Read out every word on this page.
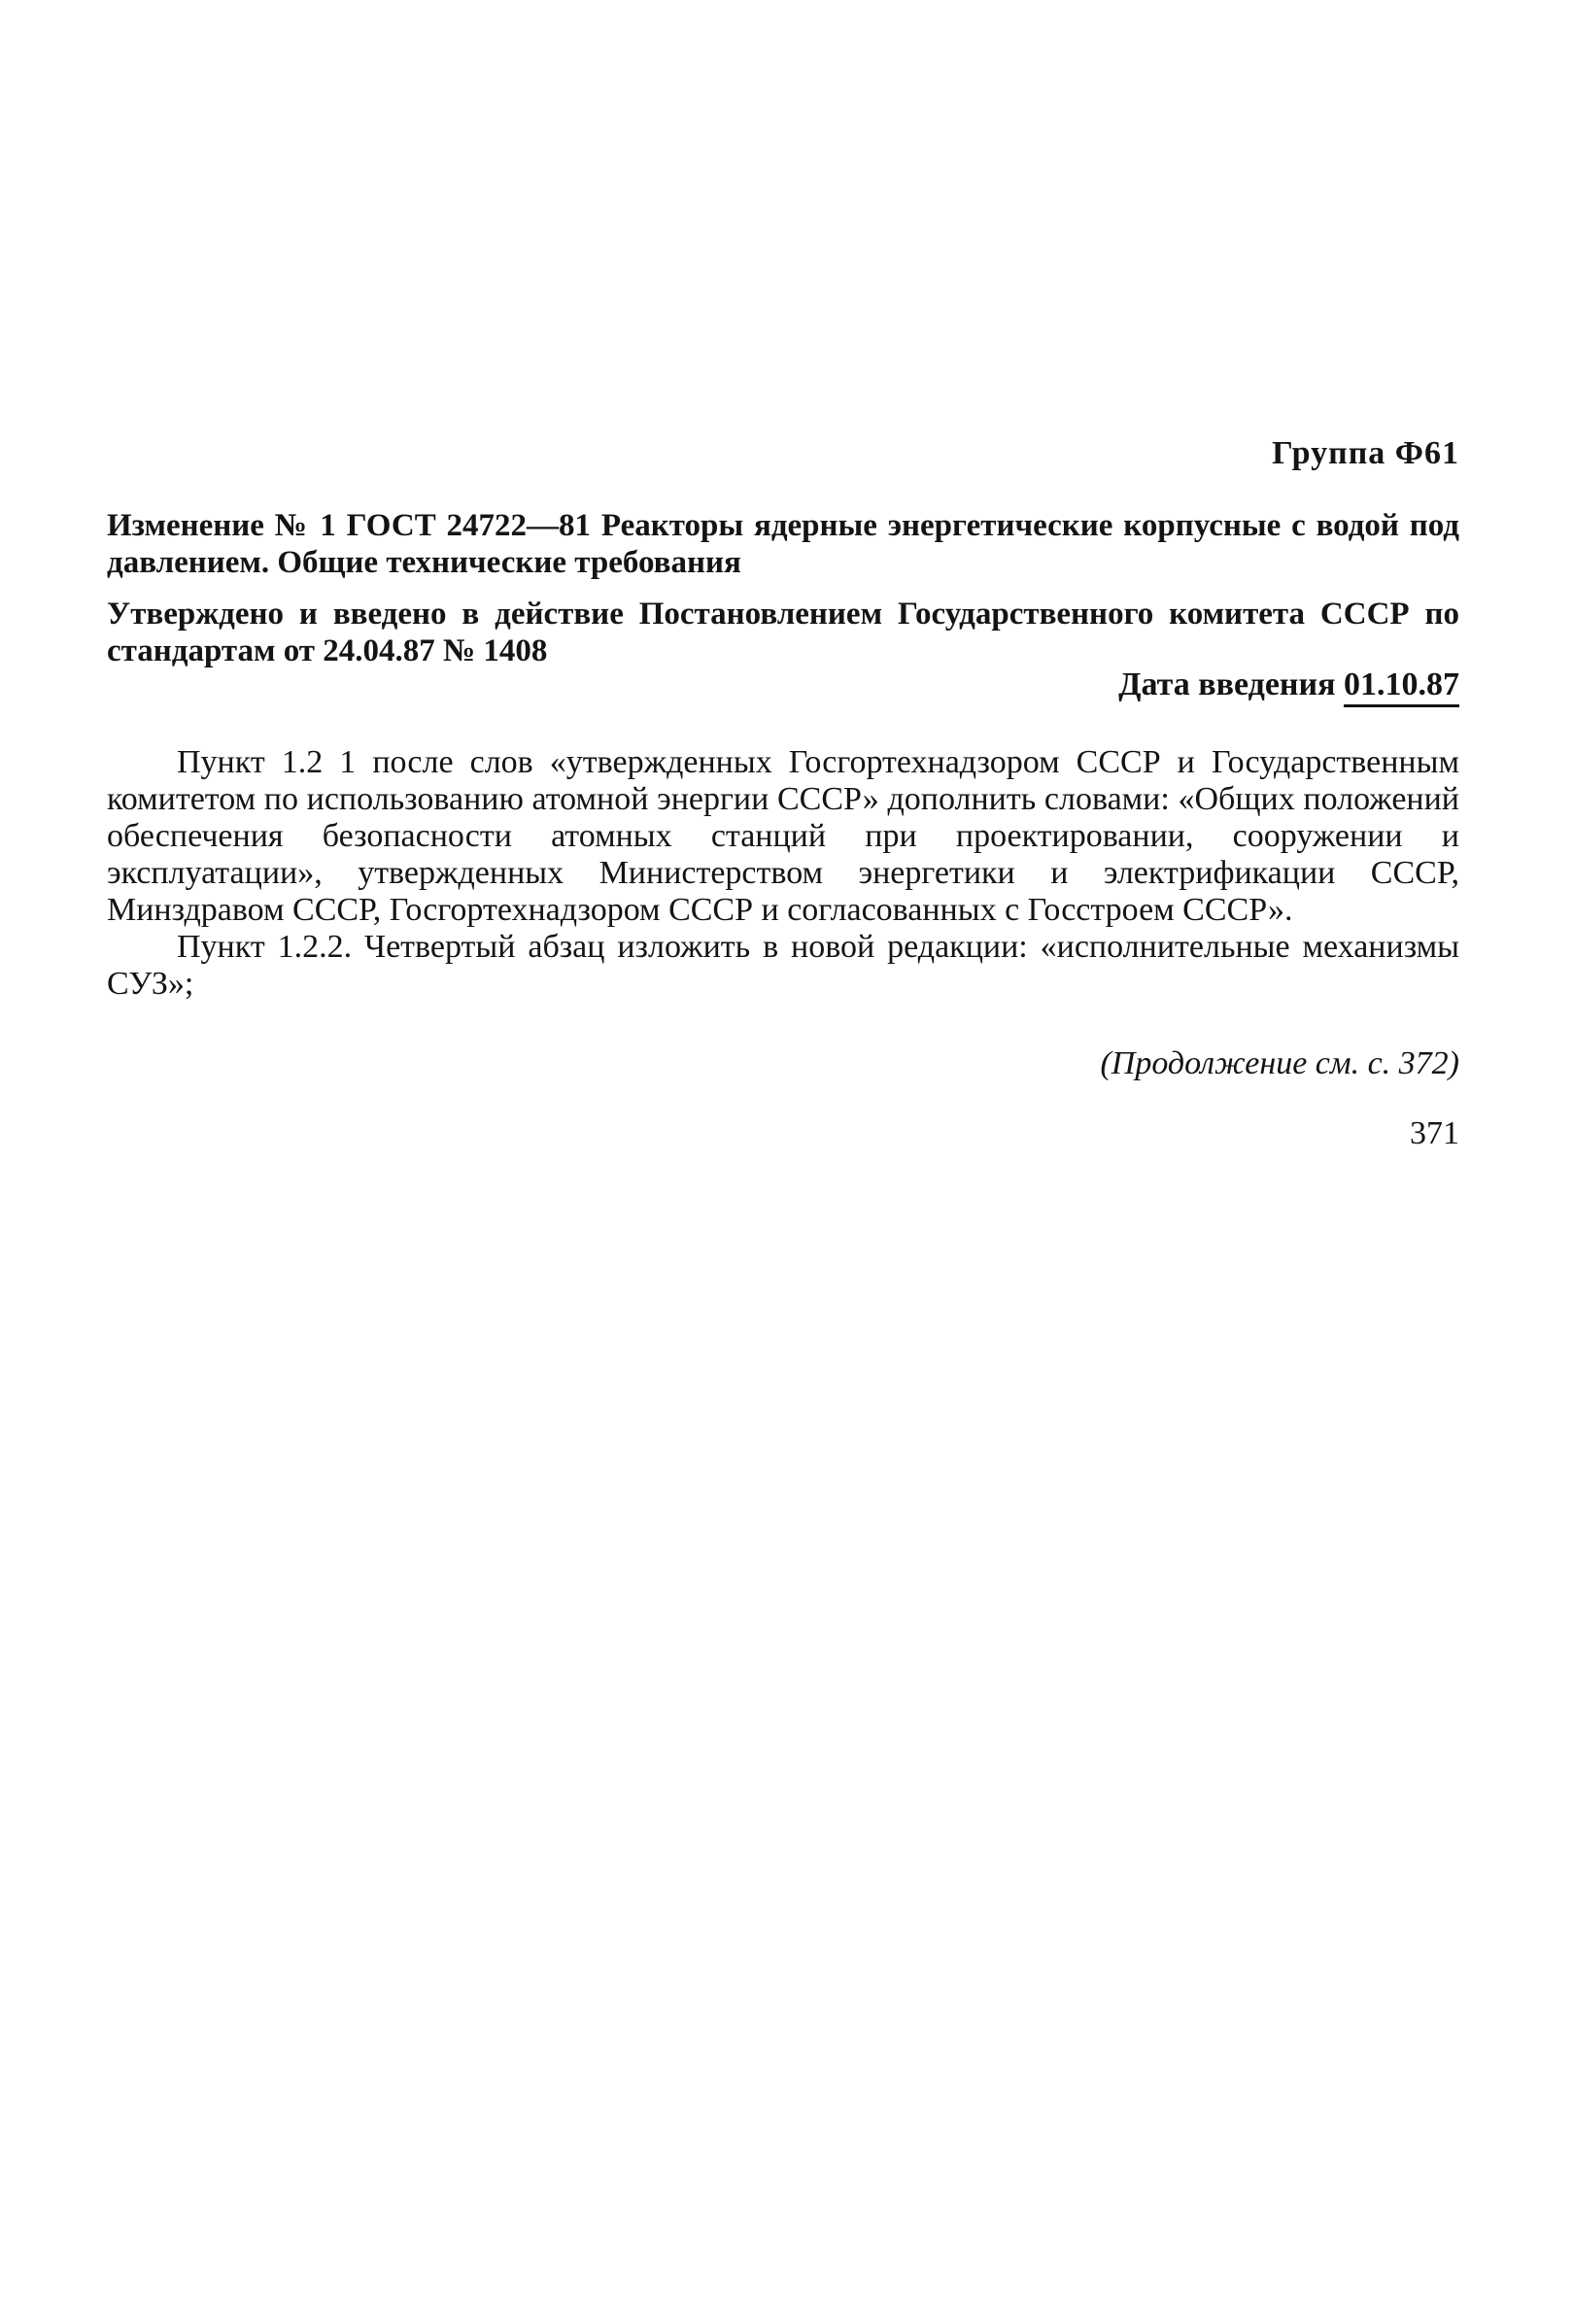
Группа Ф61
Изменение № 1 ГОСТ 24722—81 Реакторы ядерные энергетические корпусные с водой под давлением. Общие технические требования
Утверждено и введено в действие Постановлением Государственного комитета СССР по стандартам от 24.04.87 № 1408
Дата введения 01.10.87

Пункт 1.2 1 после слов «утвержденных Госгортехнадзором СССР и Государственным комитетом по использованию атомной энергии СССР» дополнить словами: «Общих положений обеспечения безопасности атомных станций при проектировании, сооружении и эксплуатации», утвержденных Министерством энергетики и электрификации СССР, Минздравом СССР, Госгортехнадзором СССР и согласованных с Госстроем СССР».

Пункт 1.2.2. Четвертый абзац изложить в новой редакции: «исполнительные механизмы СУЗ»;

(Продолжение см. с. 372)
371
